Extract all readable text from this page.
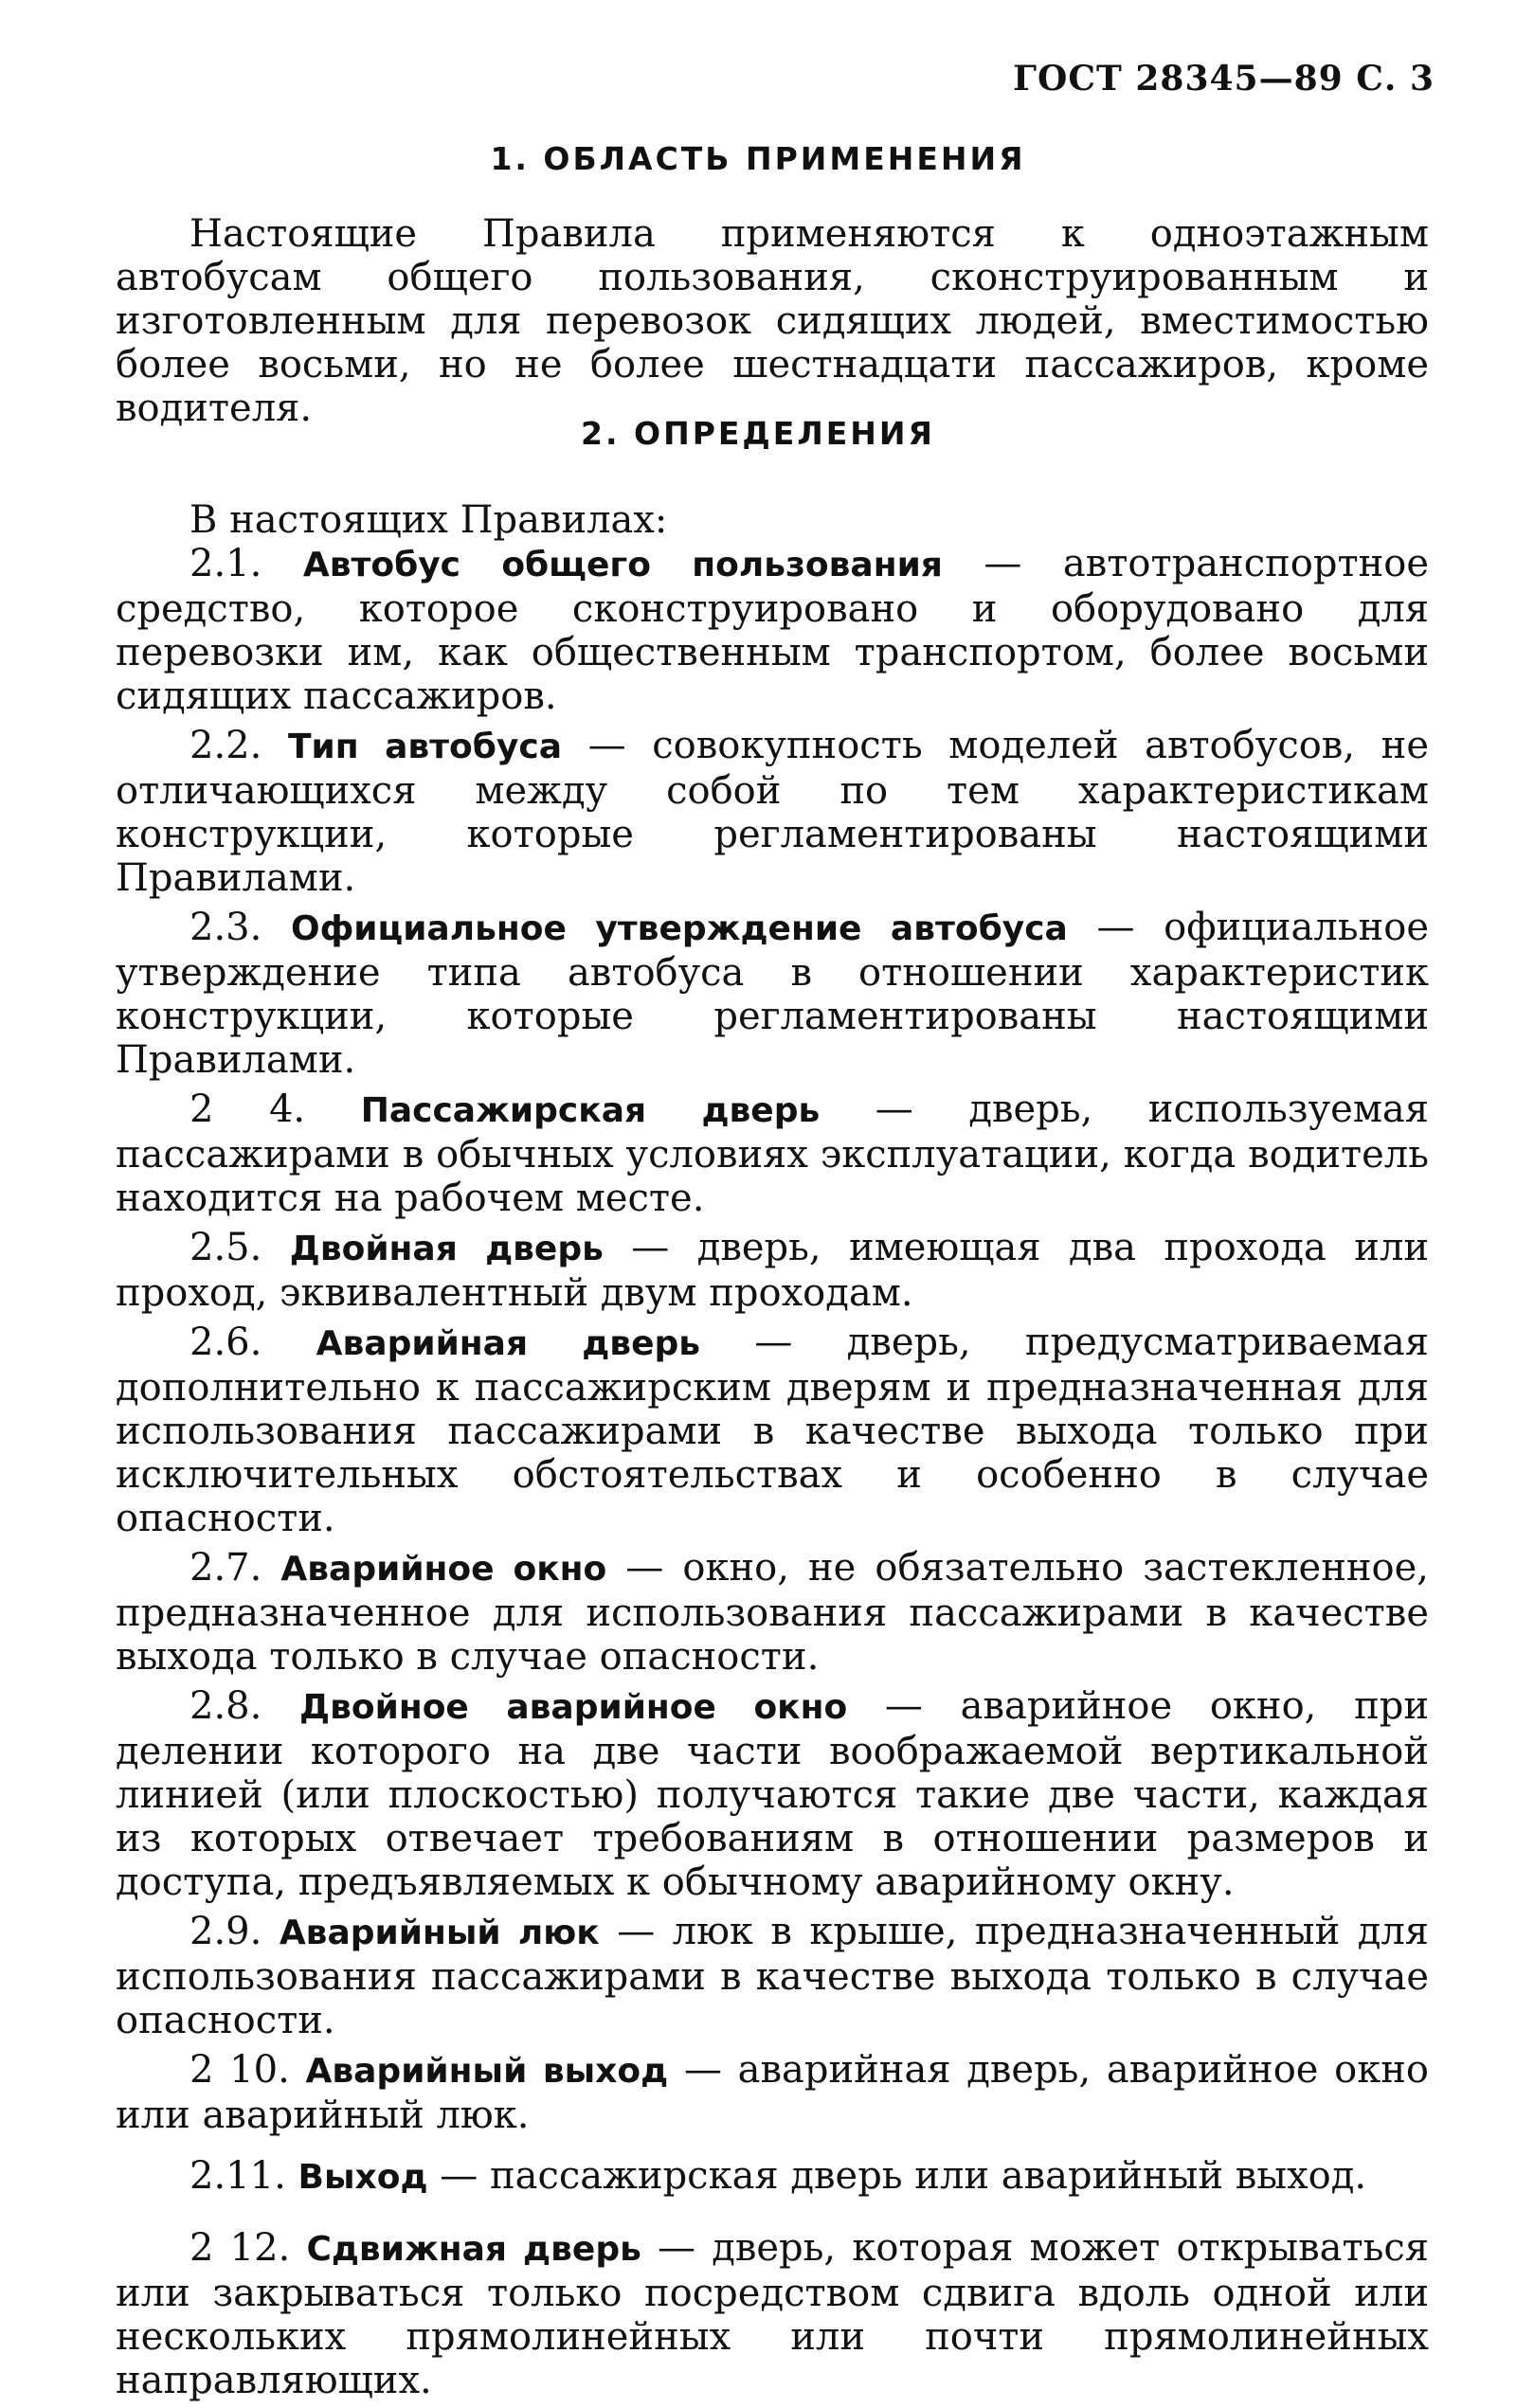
ГОСТ 28345—89 С. 3
1. ОБЛАСТЬ ПРИМЕНЕНИЯ

Настоящие Правила применяются к одноэтажным автобусам общего пользования, сконструированным и изготовленным для перевозок сидящих людей, вместимостью более восьми, но не более шестнадцати пассажиров, кроме водителя.

2. ОПРЕДЕЛЕНИЯ

В настоящих Правилах:

2.1. Автобус общего пользования — автотранспортное средство, которое сконструировано и оборудовано для перевозки им, как общественным транспортом, более восьми сидящих пассажиров.

2.2. Тип автобуса — совокупность моделей автобусов, не отличающихся между собой по тем характеристикам конструкции, которые регламентированы настоящими Правилами.

2.3. Официальное утверждение автобуса — официальное утверждение типа автобуса в отношении характеристик конструкции, которые регламентированы настоящими Правилами.

2 4. Пассажирская дверь — дверь, используемая пассажирами в обычных условиях эксплуатации, когда водитель находится на рабочем месте.

2.5. Двойная дверь — дверь, имеющая два прохода или проход, эквивалентный двум проходам.

2.6. Аварийная дверь — дверь, предусматриваемая дополнительно к пассажирским дверям и предназначенная для использования пассажирами в качестве выхода только при исключительных обстоятельствах и особенно в случае опасности.

2.7. Аварийное окно — окно, не обязательно застекленное, предназначенное для использования пассажирами в качестве выхода только в случае опасности.

2.8. Двойное аварийное окно — аварийное окно, при делении которого на две части воображаемой вертикальной линией (или плоскостью) получаются такие две части, каждая из которых отвечает требованиям в отношении размеров и доступа, предъявляемых к обычному аварийному окну.

2.9. Аварийный люк — люк в крыше, предназначенный для использования пассажирами в качестве выхода только в случае опасности.

2 10. Аварийный выход — аварийная дверь, аварийное окно или аварийный люк.

2.11. Выход — пассажирская дверь или аварийный выход.

2 12. Сдвижная дверь — дверь, которая может открываться или закрываться только посредством сдвига вдоль одной или нескольких прямолинейных или почти прямолинейных направляющих.
